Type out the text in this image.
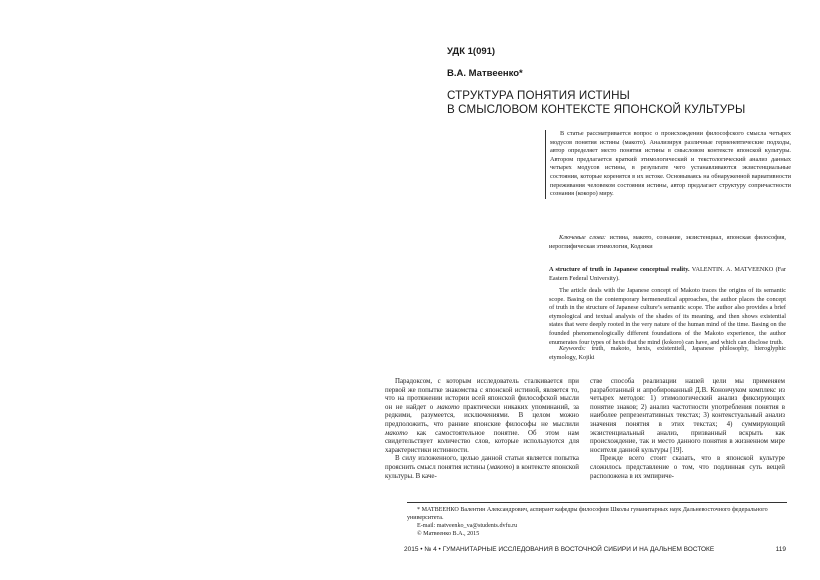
УДК 1(091)
В.А. Матвеенко*
СТРУКТУРА ПОНЯТИЯ ИСТИНЫ
В СМЫСЛОВОМ КОНТЕКСТЕ ЯПОНСКОЙ КУЛЬТУРЫ

В статье рассматривается вопрос о происхождении философского смысла четырех модусов понятия истины (макото). Анализируя различные герменевтические подходы, автор определяет место понятия истины в смысловом контексте японской культуры. Автором предлагается краткий этимологический и текстологический анализ данных четырех модусов истины, в результате чего устанавливаются экзистенциальные состояния, которые коренятся в их истоке. Основываясь на обнаруженной вариативности переживания человеком состояния истины, автор предлагает структуру сопричастности сознания (кокоро) миру.

Ключевые слова: истина, макото, сознание, экзистенциал, японская философия, иероглифическая этимология, Кодзики

A structure of truth in Japanese conceptual reality. VALENTIN. A. MATVEENKO (Far Eastern Federal University).

The article deals with the Japanese concept of Makoto traces the origins of its semantic scope. Basing on the contemporary hermeneutical approaches, the author places the concept of truth in the structure of Japanese culture’s semantic scope. The author also provides a brief etymological and textual analysis of the shades of its meaning, and then shows existential states that were deeply rooted in the very nature of the human mind of the time. Basing on the founded phenomenologically different foundations of the Makoto experience, the author enumerates four types of hexis that the mind (kokoro) can have, and which can disclose truth.

Keywords: truth, makoto, hexis, existentiell, Japanese philosophy, hieroglyphic etymology, Kojiki

Парадоксом, с которым исследователь сталкивается при первой же попытке знакомства с японской истиной, является то, что на протяжении истории всей японской философской мысли он не найдет о макото практически никаких упоминаний, за редкими, разумеется, исключениями. В целом можно предположить, что ранние японские философы не мыслили макото как самостоятельное понятие. Об этом нам свидетельствует количество слов, которые используются для характеристики истинности.

В силу изложенного, целью данной статьи является попытка прояснить смысл понятия истины (макото) в контексте японской культуры. В каче-

стве способа реализации нашей цели мы применяем разработанный и апробированный Д.В. Коноичуком комплекс из четырех методов: 1) этимологический анализ фиксирующих понятие знаков; 2) анализ частотности употребления понятия в наиболее репрезентативных текстах; 3) контекстуальный анализ значения понятия в этих текстах; 4) суммирующий экзистенциальный анализ, призванный вскрыть как происхождение, так и место данного понятия в жизненном мире носителя данной культуры [19].

Прежде всего стоит сказать, что в японской культуре сложилось представление о том, что подлинная суть вещей расположена в их эмпириче-

* МАТВЕЕНКО Валентин Александрович, аспирант кафедры философии Школы гуманитарных наук Дальневосточного федерального университета.

E-mail: matveenko_va@students.dvfu.ru

© Матвеенко В.А., 2015

2015 • № 4 • ГУМАНИТАРНЫЕ ИССЛЕДОВАНИЯ В ВОСТОЧНОЙ СИБИРИ И НА ДАЛЬНЕМ ВОСТОКЕ	119
